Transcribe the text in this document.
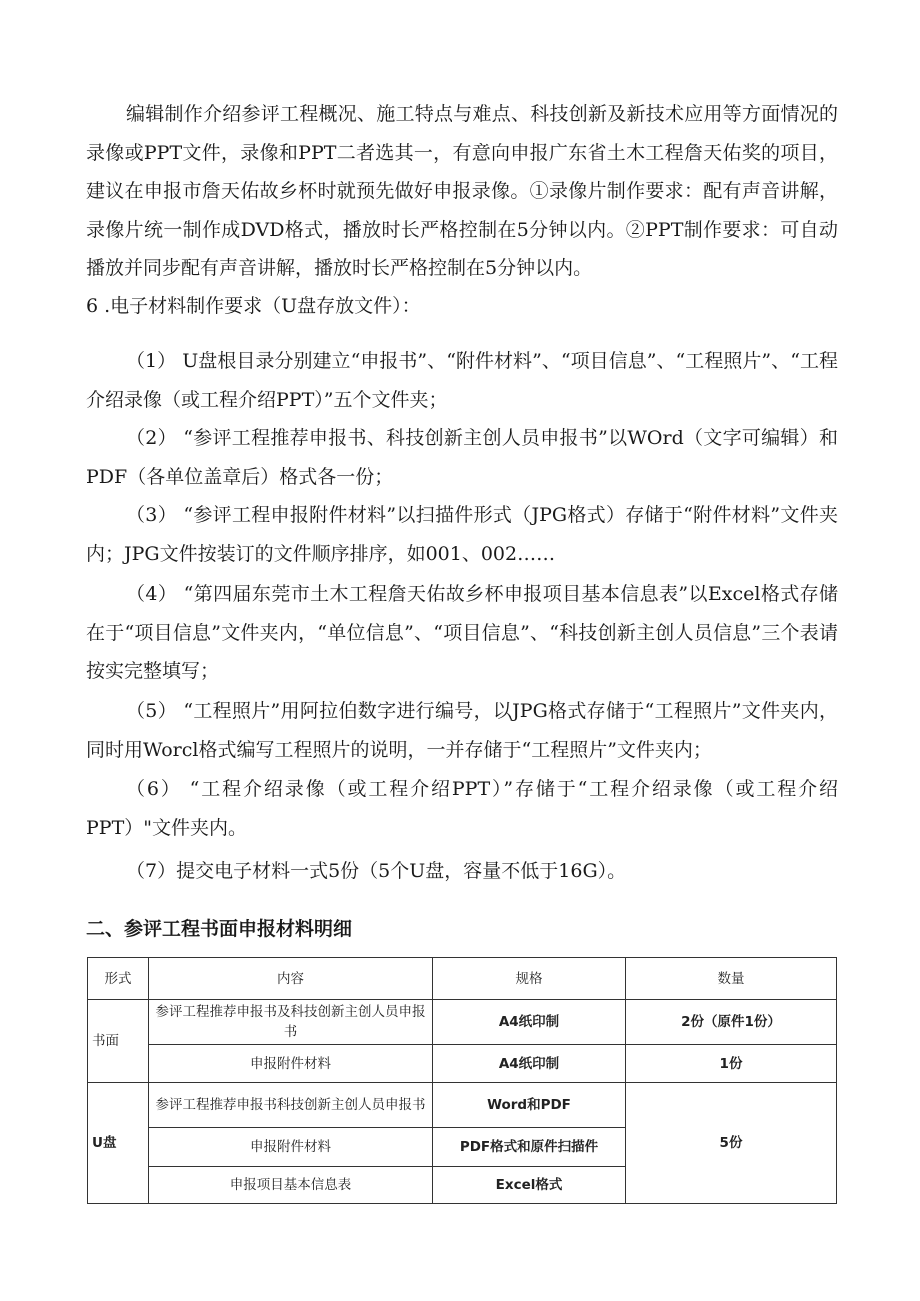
编辑制作介绍参评工程概况、施工特点与难点、科技创新及新技术应用等方面情况的录像或PPT文件，录像和PPT二者选其一，有意向申报广东省土木工程詹天佑奖的项目，建议在申报市詹天佑故乡杯时就预先做好申报录像。①录像片制作要求：配有声音讲解，录像片统一制作成DVD格式，播放时长严格控制在5分钟以内。②PPT制作要求：可自动播放并同步配有声音讲解，播放时长严格控制在5分钟以内。

6 .电子材料制作要求（U盘存放文件）：

（1） U盘根目录分别建立“申报书”、“附件材料”、“项目信息”、“工程照片”、“工程介绍录像（或工程介绍PPT）”五个文件夹；

（2） “参评工程推荐申报书、科技创新主创人员申报书”以WOrd（文字可编辑）和PDF（各单位盖章后）格式各一份；

（3） “参评工程申报附件材料”以扫描件形式（JPG格式）存储于“附件材料”文件夹内；JPG文件按装订的文件顺序排序，如001、002……

（4） “第四届东莞市土木工程詹天佑故乡杯申报项目基本信息表”以Excel格式存储在于“项目信息”文件夹内，“单位信息”、“项目信息”、“科技创新主创人员信息”三个表请按实完整填写；

（5） “工程照片”用阿拉伯数字进行编号，以JPG格式存储于“工程照片”文件夹内，同时用Worcl格式编写工程照片的说明，一并存储于“工程照片”文件夹内；

（6） “工程介绍录像（或工程介绍PPT）”存储于“工程介绍录像（或工程介绍PPT）"文件夹内。

（7）提交电子材料一式5份（5个U盘，容量不低于16G）。

二、参评工程书面申报材料明细
形式	内容	规格	数量
书面	参评工程推荐申报书及科技创新主创人员申报书	A4纸印制	2份（原件1份）
	申报附件材料	A4纸印制	1份
U盘	参评工程推荐申报书科技创新主创人员申报书	Word和PDF	5份
	申报附件材料	PDF格式和原件扫描件	
	申报项目基本信息表	Excel格式	
